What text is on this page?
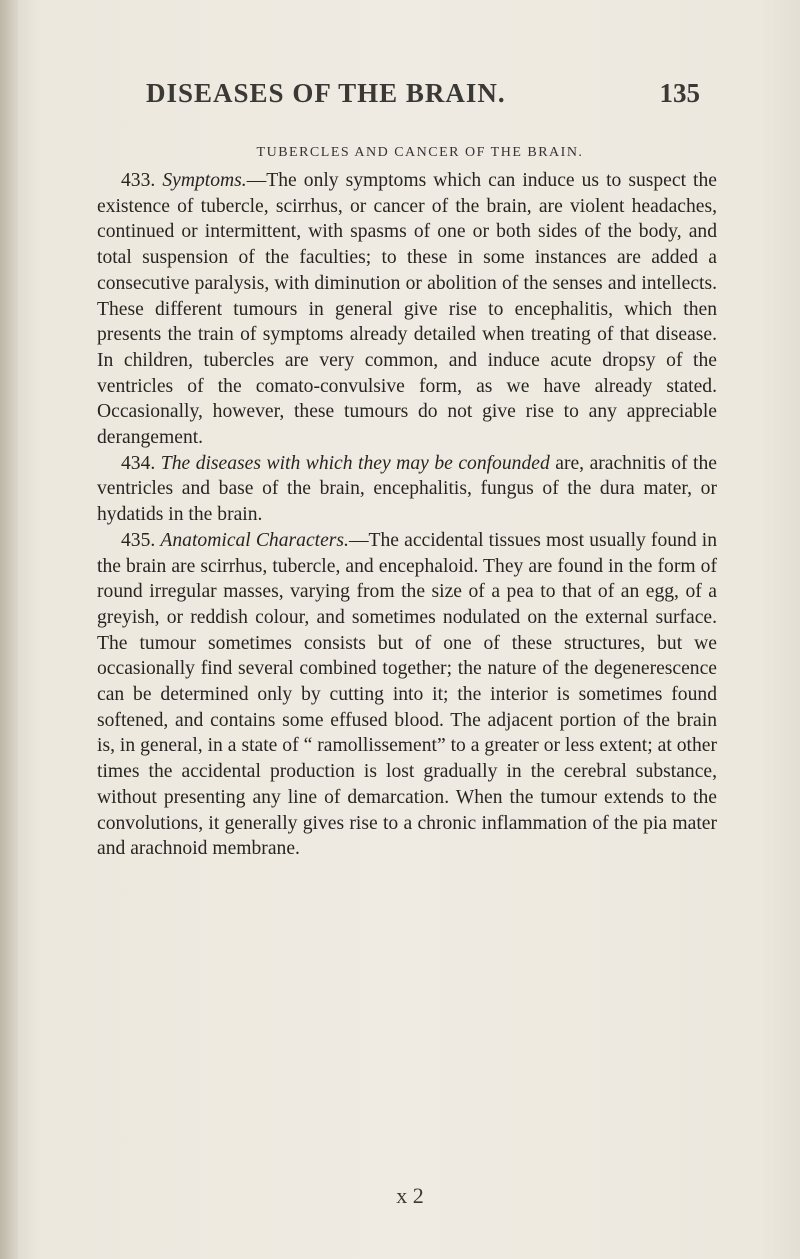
DISEASES OF THE BRAIN.	135
TUBERCLES AND CANCER OF THE BRAIN.

433. Symptoms.—The only symptoms which can induce us to suspect the existence of tubercle, scirrhus, or cancer of the brain, are violent headaches, continued or intermittent, with spasms of one or both sides of the body, and total suspension of the faculties; to these in some instances are added a consecutive paralysis, with diminution or abolition of the senses and intellects. These different tumours in general give rise to encephalitis, which then presents the train of symptoms already detailed when treating of that disease. In children, tubercles are very common, and induce acute dropsy of the ventricles of the comato-convulsive form, as we have already stated. Occasionally, however, these tumours do not give rise to any appreciable derangement.

434. The diseases with which they may be confounded are, arachnitis of the ventricles and base of the brain, encephalitis, fungus of the dura mater, or hydatids in the brain.

435. Anatomical Characters.—The accidental tissues most usually found in the brain are scirrhus, tubercle, and encephaloid. They are found in the form of round irregular masses, varying from the size of a pea to that of an egg, of a greyish, or reddish colour, and sometimes nodulated on the external surface. The tumour sometimes consists but of one of these structures, but we occasionally find several combined together; the nature of the degenerescence can be determined only by cutting into it; the interior is sometimes found softened, and contains some effused blood. The adjacent portion of the brain is, in general, in a state of “ ramollissement” to a greater or less extent; at other times the accidental production is lost gradually in the cerebral substance, without presenting any line of demarcation. When the tumour extends to the convolutions, it generally gives rise to a chronic inflammation of the pia mater and arachnoid membrane.

x 2
